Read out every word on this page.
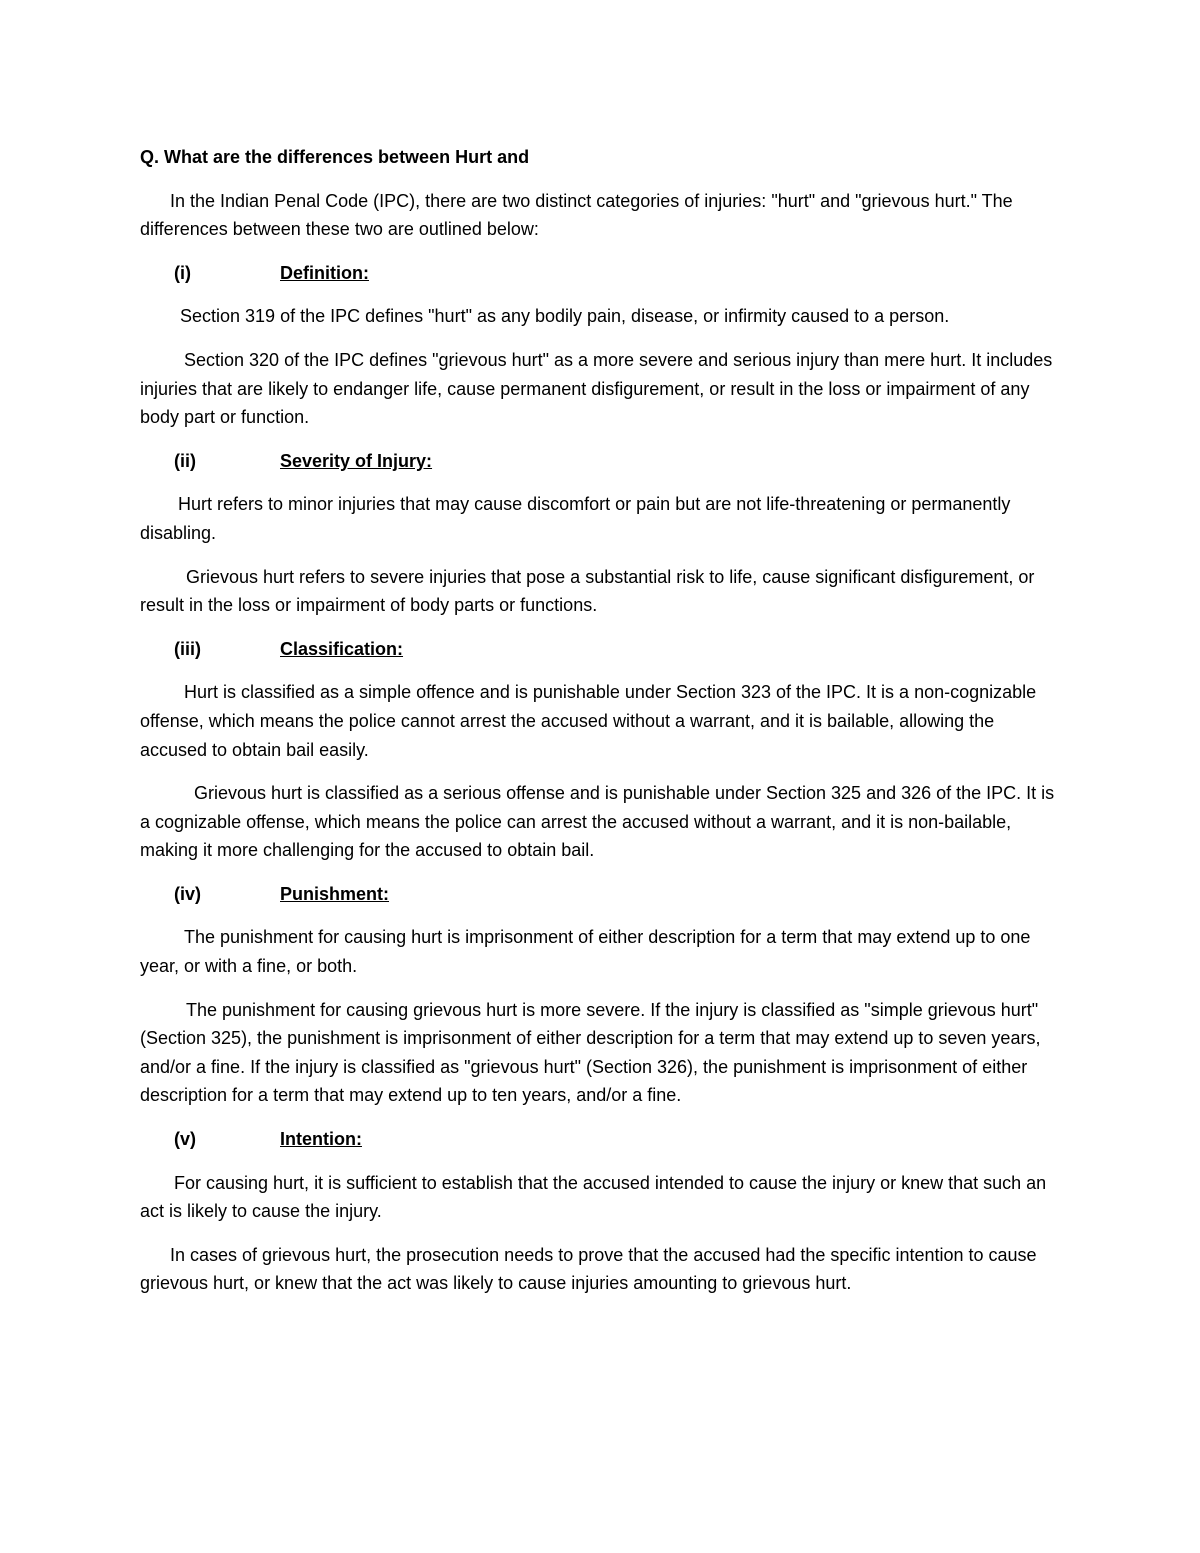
Q. What are the differences between Hurt and

In the Indian Penal Code (IPC), there are two distinct categories of injuries: "hurt" and "grievous hurt." The differences between these two are outlined below:

(i)	Definition:

Section 319 of the IPC defines "hurt" as any bodily pain, disease, or infirmity caused to a person.

Section 320 of the IPC defines "grievous hurt" as a more severe and serious injury than mere hurt. It includes injuries that are likely to endanger life, cause permanent disfigurement, or result in the loss or impairment of any body part or function.

(ii)	Severity of Injury:

Hurt refers to minor injuries that may cause discomfort or pain but are not life-threatening or permanently disabling.

Grievous hurt refers to severe injuries that pose a substantial risk to life, cause significant disfigurement, or result in the loss or impairment of body parts or functions.

(iii)	Classification:

Hurt is classified as a simple offence and is punishable under Section 323 of the IPC. It is a non-cognizable offense, which means the police cannot arrest the accused without a warrant, and it is bailable, allowing the accused to obtain bail easily.

Grievous hurt is classified as a serious offense and is punishable under Section 325 and 326 of the IPC. It is a cognizable offense, which means the police can arrest the accused without a warrant, and it is non-bailable, making it more challenging for the accused to obtain bail.

(iv)	Punishment:

The punishment for causing hurt is imprisonment of either description for a term that may extend up to one year, or with a fine, or both.

The punishment for causing grievous hurt is more severe. If the injury is classified as "simple grievous hurt" (Section 325), the punishment is imprisonment of either description for a term that may extend up to seven years, and/or a fine. If the injury is classified as "grievous hurt" (Section 326), the punishment is imprisonment of either description for a term that may extend up to ten years, and/or a fine.

(v)	Intention:

For causing hurt, it is sufficient to establish that the accused intended to cause the injury or knew that such an act is likely to cause the injury.

In cases of grievous hurt, the prosecution needs to prove that the accused had the specific intention to cause grievous hurt, or knew that the act was likely to cause injuries amounting to grievous hurt.
